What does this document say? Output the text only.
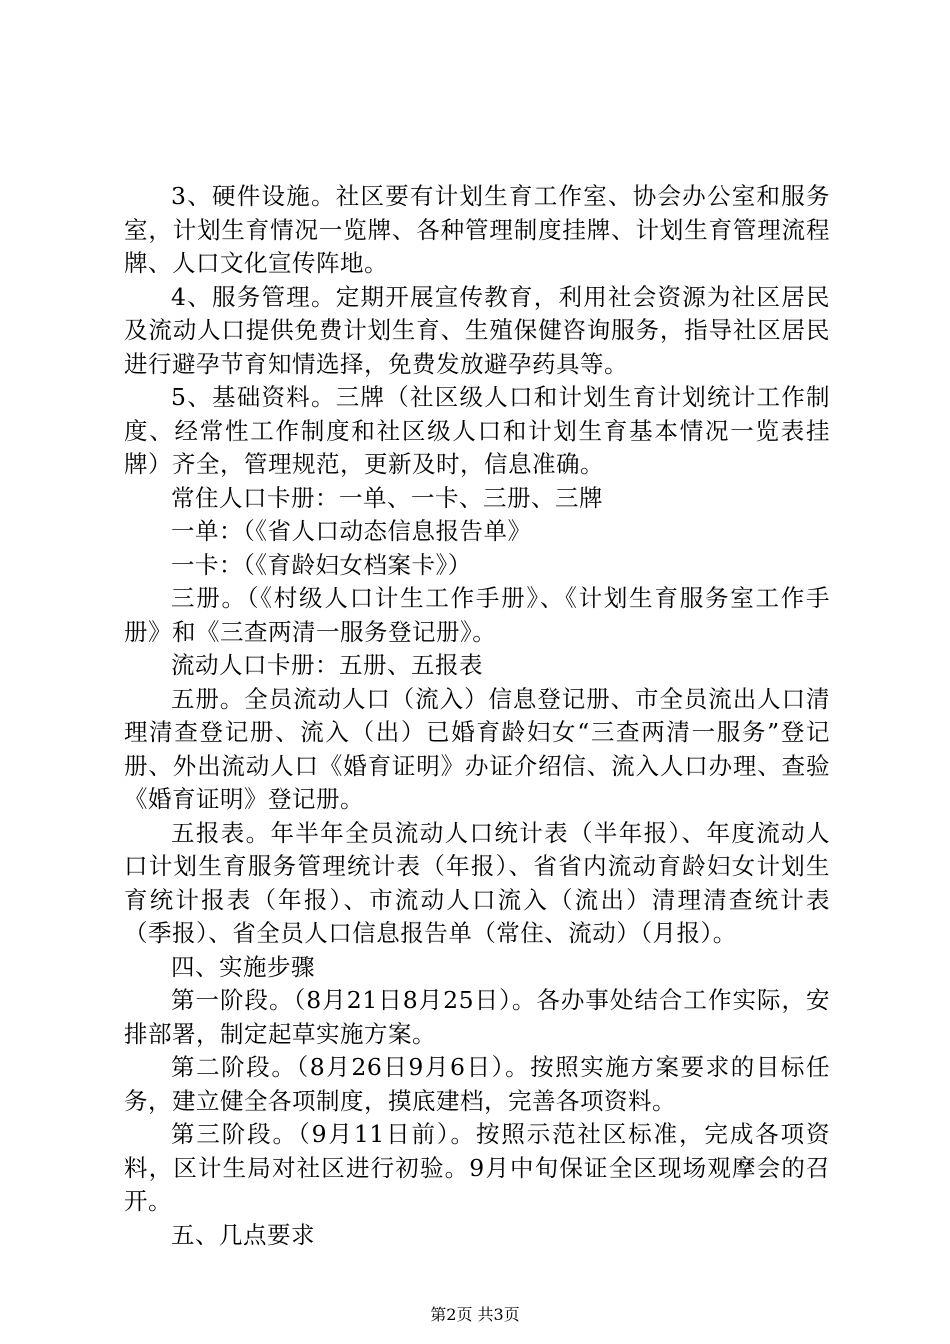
3、硬件设施。社区要有计划生育工作室、协会办公室和服务室，计划生育情况一览牌、各种管理制度挂牌、计划生育管理流程牌、人口文化宣传阵地。

4、服务管理。定期开展宣传教育，利用社会资源为社区居民及流动人口提供免费计划生育、生殖保健咨询服务，指导社区居民进行避孕节育知情选择，免费发放避孕药具等。

5、基础资料。三牌（社区级人口和计划生育计划统计工作制度、经常性工作制度和社区级人口和计划生育基本情况一览表挂牌）齐全，管理规范，更新及时，信息准确。

常住人口卡册：一单、一卡、三册、三牌

一单：（《省人口动态信息报告单》

一卡：（《育龄妇女档案卡》）

三册。（《村级人口计生工作手册》、《计划生育服务室工作手册》和《三查两清一服务登记册》。

流动人口卡册：五册、五报表

五册。全员流动人口（流入）信息登记册、市全员流出人口清理清查登记册、流入（出）已婚育龄妇女“三查两清一服务”登记册、外出流动人口《婚育证明》办证介绍信、流入人口办理、查验《婚育证明》登记册。

五报表。年半年全员流动人口统计表（半年报）、年度流动人口计划生育服务管理统计表（年报）、省省内流动育龄妇女计划生育统计报表（年报）、市流动人口流入（流出）清理清查统计表（季报）、省全员人口信息报告单（常住、流动）（月报）。

四、实施步骤

第一阶段。（8月21日8月25日）。各办事处结合工作实际，安排部署，制定起草实施方案。

第二阶段。（8月26日9月6日）。按照实施方案要求的目标任务，建立健全各项制度，摸底建档，完善各项资料。

第三阶段。（9月11日前）。按照示范社区标准，完成各项资料，区计生局对社区进行初验。9月中旬保证全区现场观摩会的召开。

五、几点要求

第2页 共3页
